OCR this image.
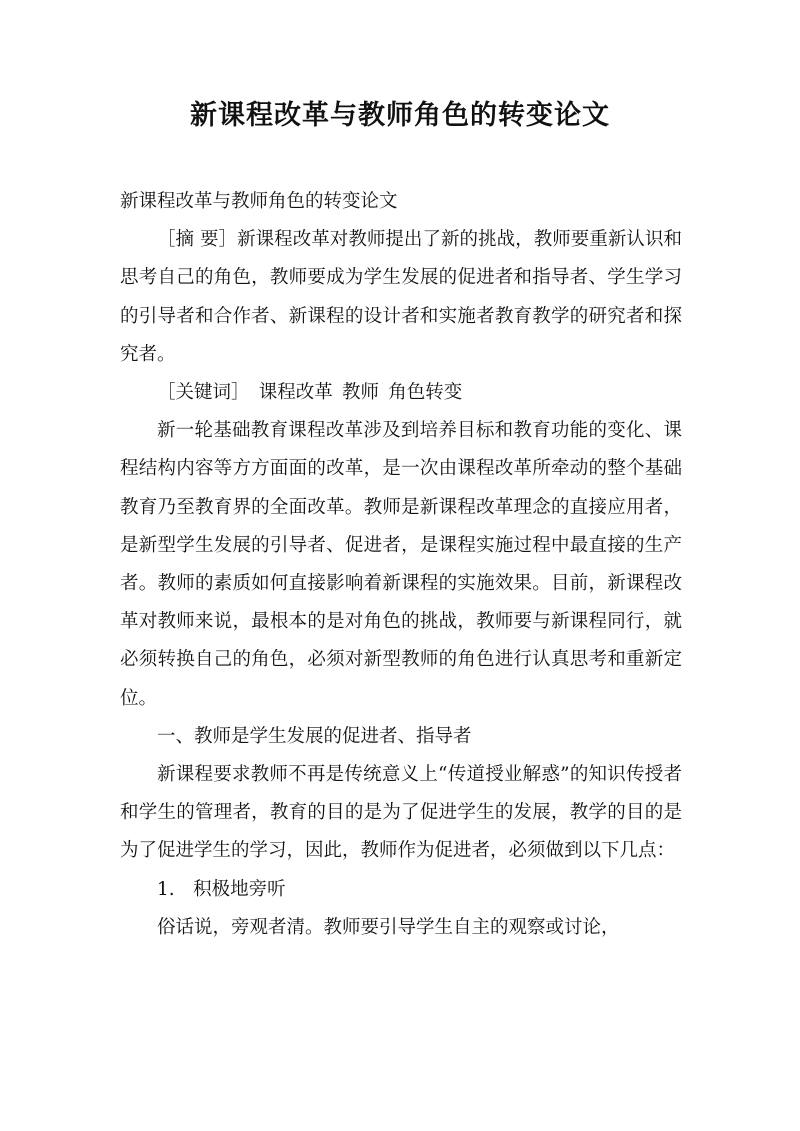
新课程改革与教师角色的转变论文

新课程改革与教师角色的转变论文

［摘 要］新课程改革对教师提出了新的挑战，教师要重新认识和思考自己的角色，教师要成为学生发展的促进者和指导者、学生学习的引导者和合作者、新课程的设计者和实施者教育教学的研究者和探究者。

［关键词］ 课程改革 教师 角色转变

新一轮基础教育课程改革涉及到培养目标和教育功能的变化、课程结构内容等方方面面的改革，是一次由课程改革所牵动的整个基础教育乃至教育界的全面改革。教师是新课程改革理念的直接应用者，是新型学生发展的引导者、促进者，是课程实施过程中最直接的生产者。教师的素质如何直接影响着新课程的实施效果。目前，新课程改革对教师来说，最根本的是对角色的挑战，教师要与新课程同行，就必须转换自己的角色，必须对新型教师的角色进行认真思考和重新定位。

一、教师是学生发展的促进者、指导者

新课程要求教师不再是传统意义上“传道授业解惑”的知识传授者和学生的管理者，教育的目的是为了促进学生的发展，教学的目的是为了促进学生的学习，因此，教师作为促进者，必须做到以下几点：

1.　积极地旁听

俗话说，旁观者清。教师要引导学生自主的观察或讨论，
